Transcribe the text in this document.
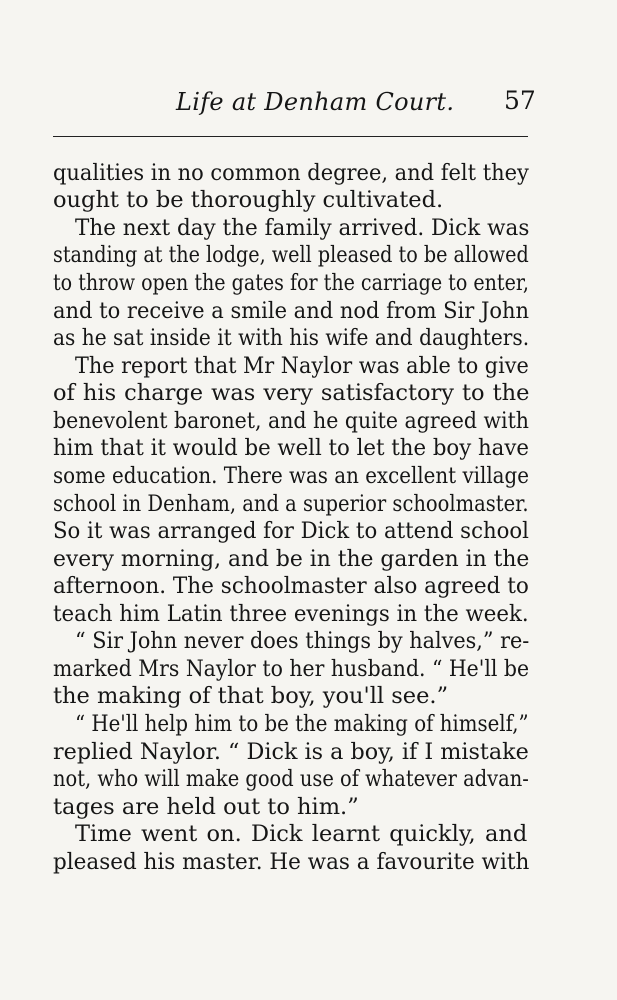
Life at Denham Court. 57
qualities in no common degree, and felt they
ought to be thoroughly cultivated.
The next day the family arrived. Dick was
standing at the lodge, well pleased to be allowed
to throw open the gates for the carriage to enter,
and to receive a smile and nod from Sir John
as he sat inside it with his wife and daughters.
The report that Mr Naylor was able to give
of his charge was very satisfactory to the
benevolent baronet, and he quite agreed with
him that it would be well to let the boy have
some education. There was an excellent village
school in Denham, and a superior schoolmaster.
So it was arranged for Dick to attend school
every morning, and be in the garden in the
afternoon. The schoolmaster also agreed to
teach him Latin three evenings in the week.
“ Sir John never does things by halves,” re-
marked Mrs Naylor to her husband. “ He'll be
the making of that boy, you'll see.”
“ He'll help him to be the making of himself,”
replied Naylor. “ Dick is a boy, if I mistake
not, who will make good use of whatever advan-
tages are held out to him.”
Time went on. Dick learnt quickly, and
pleased his master. He was a favourite with
